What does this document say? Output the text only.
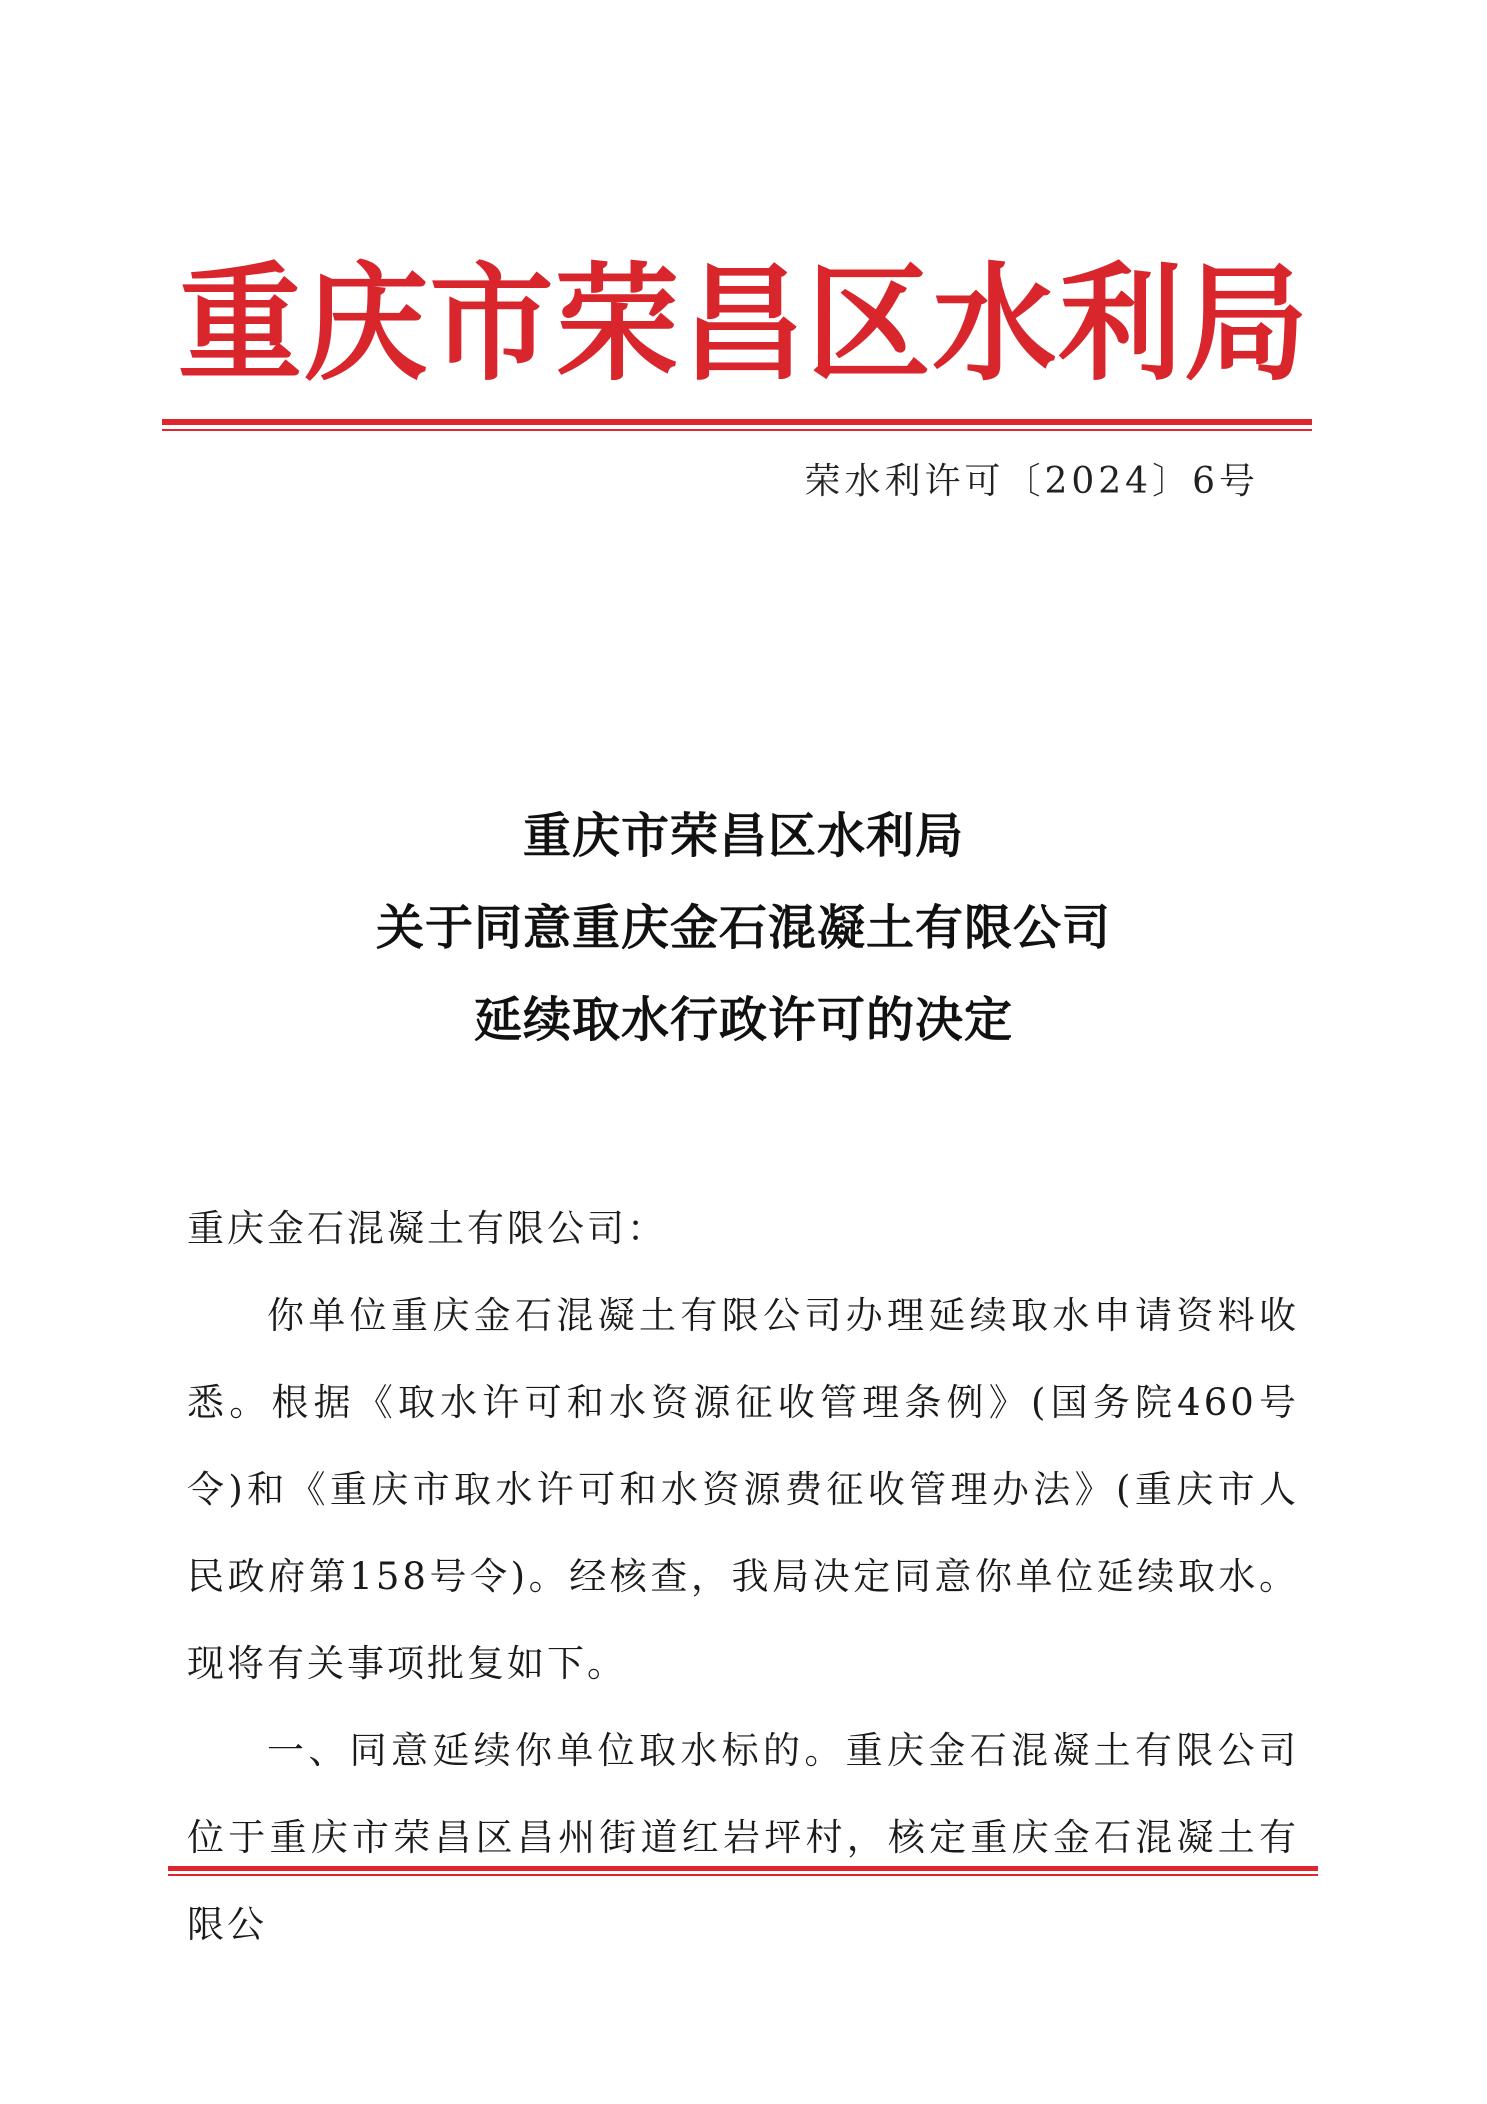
重 庆 市 荣 昌 区 水 利 局
荣水利许可〔2024〕6号
重庆市荣昌区水利局
关于同意重庆金石混凝土有限公司
延续取水行政许可的决定
重庆金石混凝土有限公司：
你单位重庆金石混凝土有限公司办理延续取水申请资料收悉。根据《取水许可和水资源征收管理条例》(国务院460号令)和《重庆市取水许可和水资源费征收管理办法》(重庆市人民政府第158号令)。经核查，我局决定同意你单位延续取水。现将有关事项批复如下。
一、同意延续你单位取水标的。重庆金石混凝土有限公司位于重庆市荣昌区昌州街道红岩坪村，核定重庆金石混凝土有限公
